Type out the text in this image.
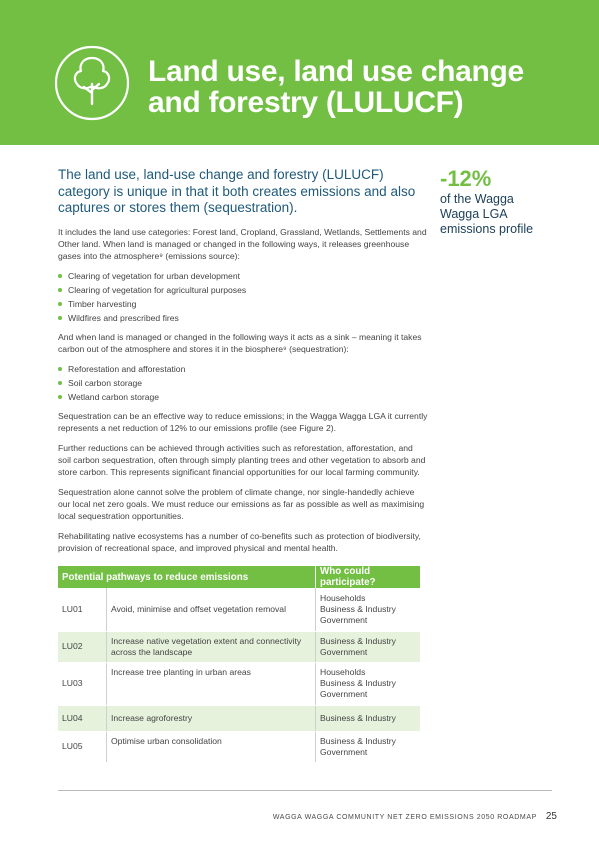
Land use, land use change
and forestry (LULUCF)

The land use, land-use change and forestry (LULUCF) category is unique in that it both creates emissions and also captures or stores them (sequestration).

It includes the land use categories: Forest land, Cropland, Grassland, Wetlands, Settlements and Other land. When land is managed or changed in the following ways, it releases greenhouse gases into the atmosphere⁹ (emissions source):

Clearing of vegetation for urban development
Clearing of vegetation for agricultural purposes
Timber harvesting
Wildfires and prescribed fires

And when land is managed or changed in the following ways it acts as a sink – meaning it takes carbon out of the atmosphere and stores it in the biosphere⁹ (sequestration):

Reforestation and afforestation
Soil carbon storage
Wetland carbon storage

Sequestration can be an effective way to reduce emissions; in the Wagga Wagga LGA it currently represents a net reduction of 12% to our emissions profile (see Figure 2).

Further reductions can be achieved through activities such as reforestation, afforestation, and soil carbon sequestration, often through simply planting trees and other vegetation to absorb and store carbon. This represents significant financial opportunities for our local farming community.

Sequestration alone cannot solve the problem of climate change, nor single-handedly achieve our local net zero goals. We must reduce our emissions as far as possible as well as maximising local sequestration opportunities.

Rehabilitating native ecosystems has a number of co-benefits such as protection of biodiversity, provision of recreational space, and improved physical and mental health.

-12%
of the Wagga Wagga LGA emissions profile
Potential pathways to reduce emissions		Who could participate?
LU01	Avoid, minimise and offset vegetation removal	Households
Business & Industry
Government

LU02	Increase native vegetation extent and connectivity across the landscape	Business & Industry
Government

LU03	Increase tree planting in urban areas	Households
Business & Industry
Government

LU04	Increase agroforestry	Business & Industry

LU05	Optimise urban consolidation	Business & Industry
Government
WAGGA WAGGA COMMUNITY NET ZERO EMISSIONS 2050 ROADMAP 25
